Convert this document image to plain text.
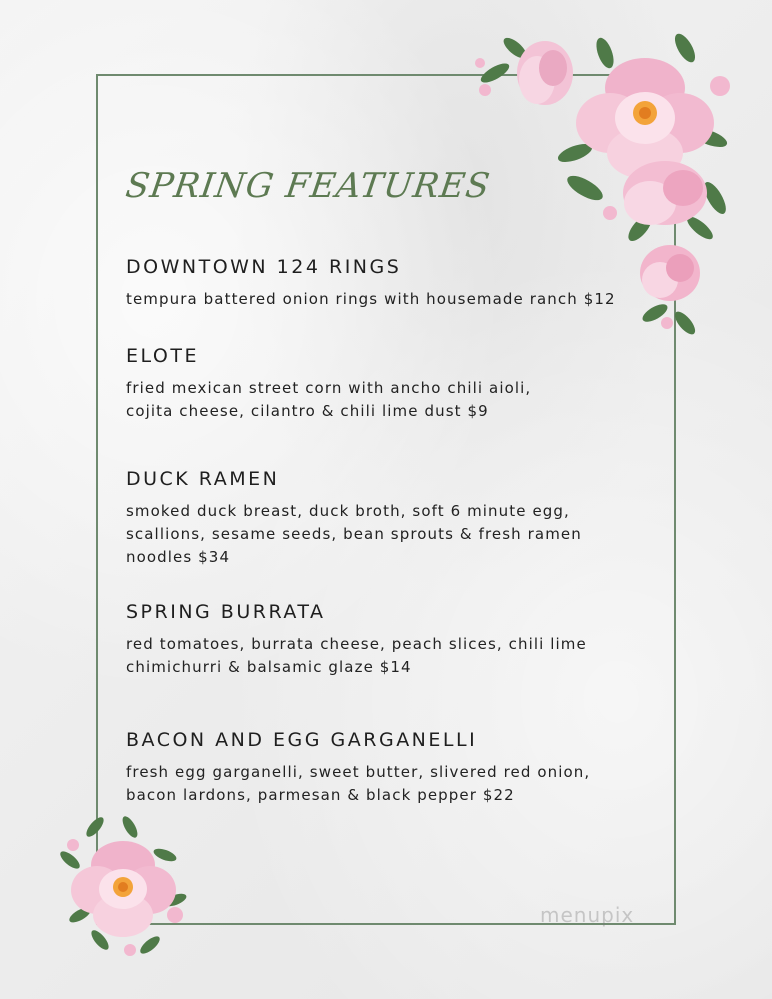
SPRING FEATURES
DOWNTOWN 124 RINGS

tempura battered onion rings with housemade ranch $12

ELOTE

fried mexican street corn with ancho chili aioli,
cojita cheese, cilantro & chili lime dust $9

DUCK RAMEN

smoked duck breast, duck broth, soft 6 minute egg,
scallions, sesame seeds, bean sprouts & fresh ramen
noodles $34

SPRING BURRATA

red tomatoes, burrata cheese, peach slices, chili lime
chimichurri & balsamic glaze $14

BACON AND EGG GARGANELLI

fresh egg garganelli, sweet butter, slivered red onion,
bacon lardons, parmesan & black pepper $22

menupix
